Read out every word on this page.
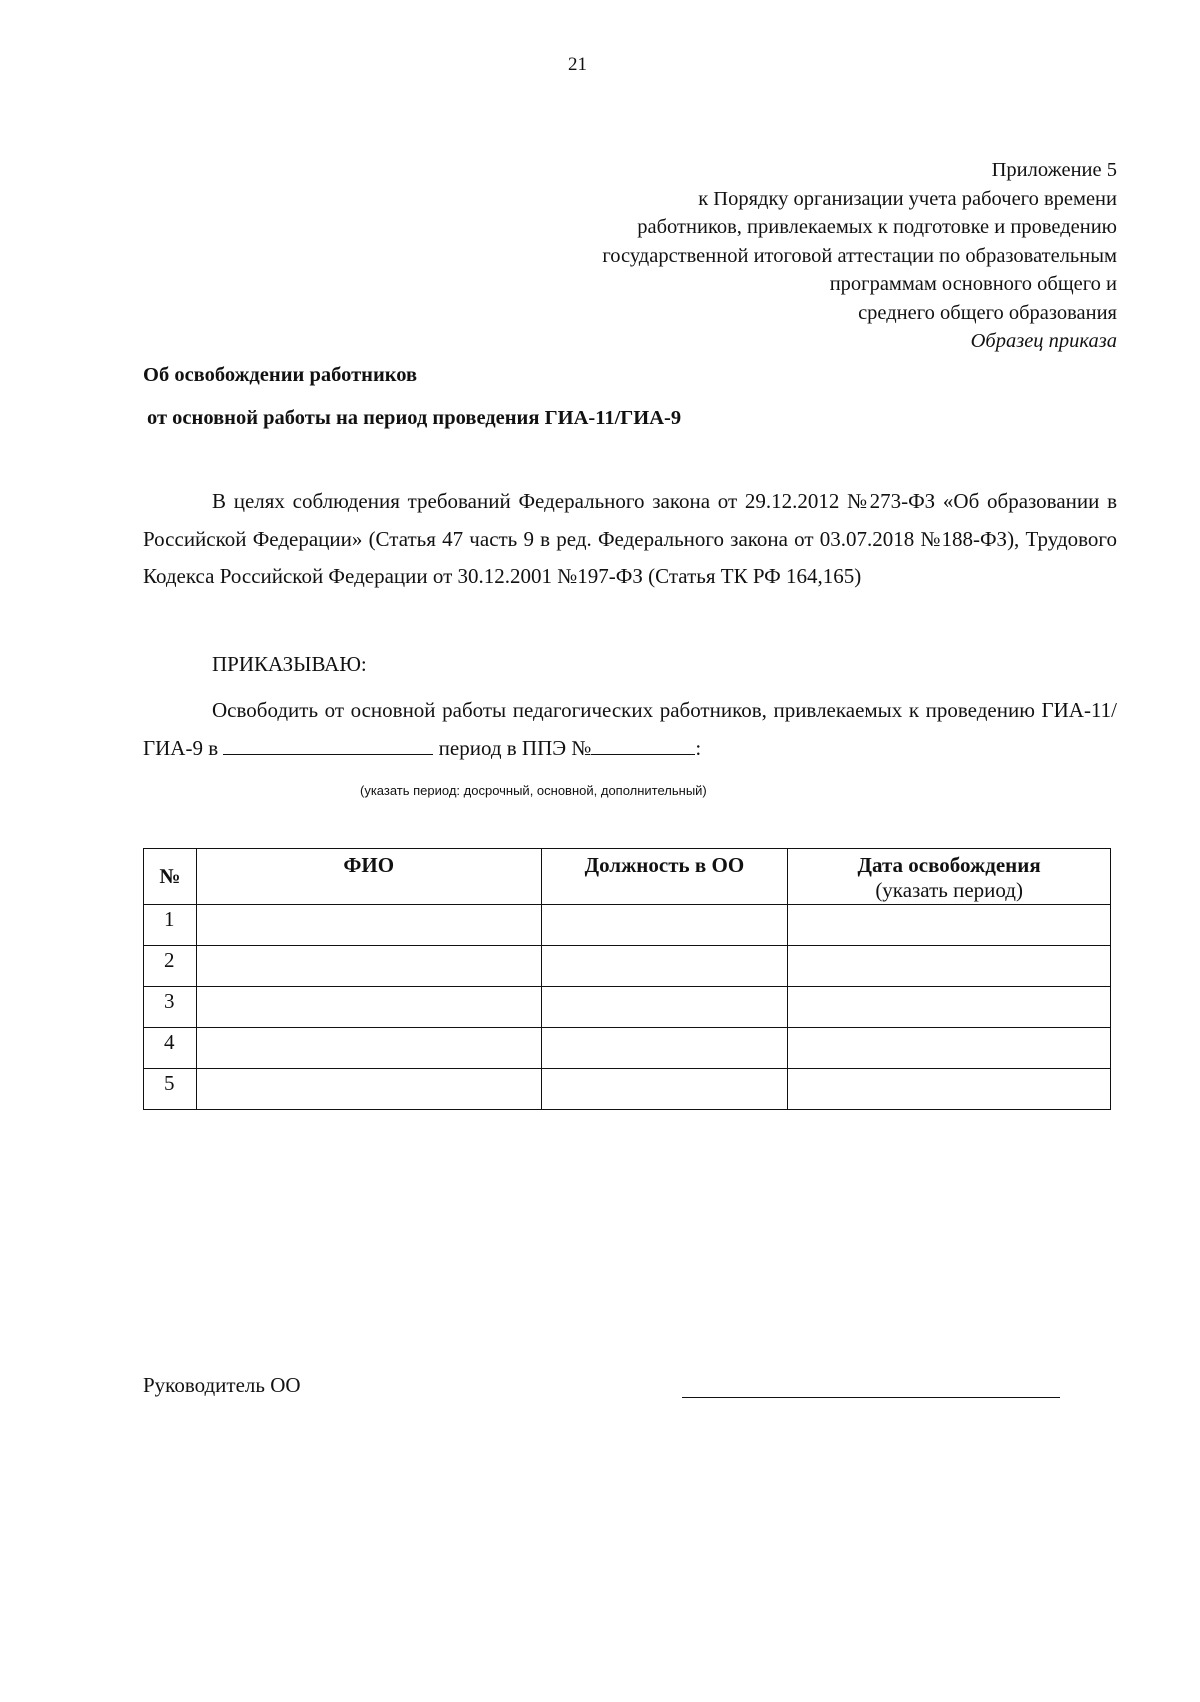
21
Приложение 5
к Порядку организации учета рабочего времени
работников, привлекаемых к подготовке и проведению
государственной итоговой аттестации по образовательным
программам основного общего и
среднего общего образования
Образец приказа
Об освобождении работников
от основной работы на период проведения ГИА-11/ГИА-9
В целях соблюдения требований Федерального закона от 29.12.2012 №273-ФЗ «Об образовании в Российской Федерации» (Статья 47 часть 9 в ред. Федерального закона от 03.07.2018 №188-ФЗ), Трудового Кодекса Российской Федерации от 30.12.2001 №197-ФЗ (Статья ТК РФ 164,165)
ПРИКАЗЫВАЮ:
Освободить от основной работы педагогических работников, привлекаемых к проведению ГИА-11/ГИА-9 в	период в ППЭ №	:
(указать период: досрочный, основной, дополнительный)
№	ФИО	Должность в ОО	Дата освобождения
(указать период)

1			
2			
3			
4			
5			
Руководитель ОО
